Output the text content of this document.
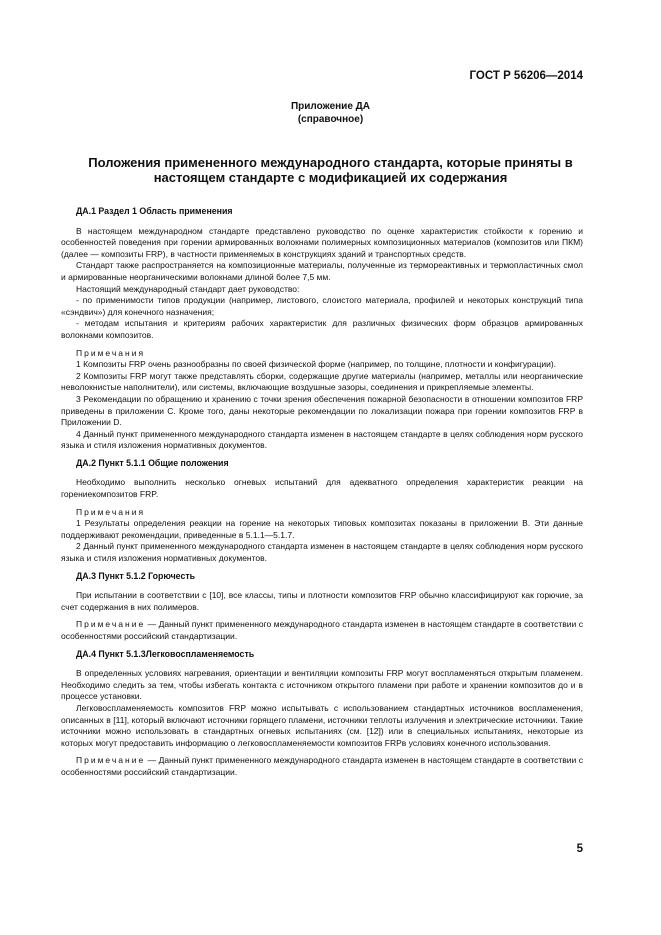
ГОСТ Р 56206—2014
Приложение ДА
(справочное)
Положения примененного международного стандарта, которые приняты в настоящем стандарте с модификацией их содержания

ДА.1 Раздел 1 Область применения

В настоящем международном стандарте представлено руководство по оценке характеристик стойкости к горению и особенностей поведения при горении армированных волокнами полимерных композиционных материалов (композитов или ПКМ) (далее — композиты FRP), в частности применяемых в конструкциях зданий и транспортных средств.

Стандарт также распространяется на композиционные материалы, полученные из термореактивных и термопластичных смол и армированные неорганическими волокнами длиной более 7,5 мм.

Настоящий международный стандарт дает руководство:

- по применимости типов продукции (например, листового, слоистого материала, профилей и некоторых конструкций типа «сэндвич») для конечного назначения;

- методам испытания и критериям рабочих характеристик для различных физических форм образцов армированных волокнами композитов.

Примечания

1 Композиты FRP очень разнообразны по своей физической форме (например, по толщине, плотности и конфигурации).

2 Композиты FRP могут также представлять сборки, содержащие другие материалы (например, металлы или неорганические неволокнистые наполнители), или системы, включающие воздушные зазоры, соединения и прикрепляемые элементы.

3 Рекомендации по обращению и хранению с точки зрения обеспечения пожарной безопасности в отношении композитов FRP приведены в приложении С. Кроме того, даны некоторые рекомендации по локализации пожара при горении композитов FRP в Приложении D.

4 Данный пункт примененного международного стандарта изменен в настоящем стандарте в целях соблюдения норм русского языка и стиля изложения нормативных документов.

ДА.2 Пункт 5.1.1 Общие положения

Необходимо выполнить несколько огневых испытаний для адекватного определения характеристик реакции на горениекомпозитов FRP.

Примечания

1 Результаты определения реакции на горение на некоторых типовых композитах показаны в приложении В. Эти данные поддерживают рекомендации, приведенные в 5.1.1—5.1.7.

2 Данный пункт примененного международного стандарта изменен в настоящем стандарте в целях соблюдения норм русского языка и стиля изложения нормативных документов.

ДА.3 Пункт 5.1.2 Горючесть

При испытании в соответствии с [10], все классы, типы и плотности композитов FRP обычно классифицируют как горючие, за счет содержания в них полимеров.

Примечание — Данный пункт примененного международного стандарта изменен в настоящем стандарте в соответствии с особенностями российский стандартизации.

ДА.4 Пункт 5.1.3Легковоспламеняемость

В определенных условиях нагревания, ориентации и вентиляции композиты FRP могут воспламеняться открытым пламенем. Необходимо следить за тем, чтобы избегать контакта с источником открытого пламени при работе и хранении композитов до и в процессе установки.

Легковоспламеняемость композитов FRP можно испытывать с использованием стандартных источников воспламенения, описанных в [11], который включают источники горящего пламени, источники теплоты излучения и электрические источники. Такие источники можно использовать в стандартных огневых испытаниях (см. [12]) или в специальных испытаниях, некоторые из которых могут предоставить информацию о легковоспламеняемости композитов FRPв условиях конечного использования.

Примечание — Данный пункт примененного международного стандарта изменен в настоящем стандарте в соответствии с особенностями российский стандартизации.

5
